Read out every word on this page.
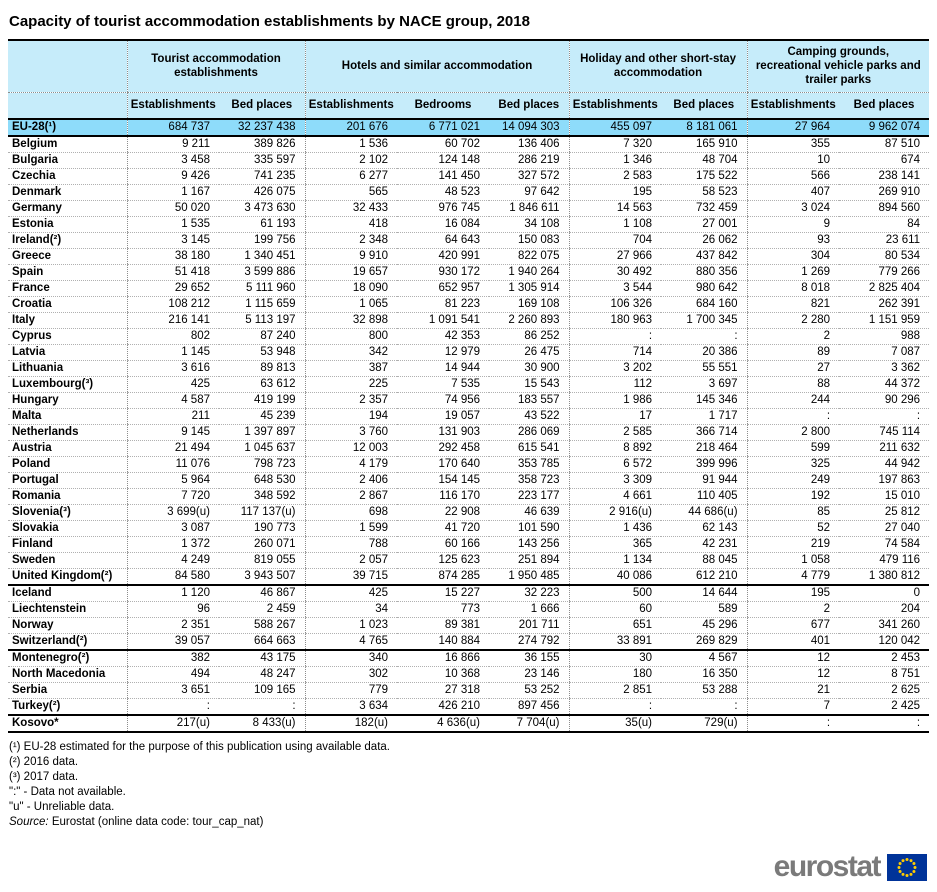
Capacity of tourist accommodation establishments by NACE group, 2018
	Tourist accommodation establishments		Hotels and similar accommodation			Holiday and other short-stay accommodation		Camping grounds, recreational vehicle parks and trailer parks	
	Establishments	Bed places	Establishments	Bedrooms	Bed places	Establishments	Bed places	Establishments	Bed places
EU-28(¹)	684 737	32 237 438	201 676	6 771 021	14 094 303	455 097	8 181 061	27 964	9 962 074
Belgium	9 211	389 826	1 536	60 702	136 406	7 320	165 910	355	87 510
Bulgaria	3 458	335 597	2 102	124 148	286 219	1 346	48 704	10	674
Czechia	9 426	741 235	6 277	141 450	327 572	2 583	175 522	566	238 141
Denmark	1 167	426 075	565	48 523	97 642	195	58 523	407	269 910
Germany	50 020	3 473 630	32 433	976 745	1 846 611	14 563	732 459	3 024	894 560
Estonia	1 535	61 193	418	16 084	34 108	1 108	27 001	9	84
Ireland(²)	3 145	199 756	2 348	64 643	150 083	704	26 062	93	23 611
Greece	38 180	1 340 451	9 910	420 991	822 075	27 966	437 842	304	80 534
Spain	51 418	3 599 886	19 657	930 172	1 940 264	30 492	880 356	1 269	779 266
France	29 652	5 111 960	18 090	652 957	1 305 914	3 544	980 642	8 018	2 825 404
Croatia	108 212	1 115 659	1 065	81 223	169 108	106 326	684 160	821	262 391
Italy	216 141	5 113 197	32 898	1 091 541	2 260 893	180 963	1 700 345	2 280	1 151 959
Cyprus	802	87 240	800	42 353	86 252	:	:	2	988
Latvia	1 145	53 948	342	12 979	26 475	714	20 386	89	7 087
Lithuania	3 616	89 813	387	14 944	30 900	3 202	55 551	27	3 362
Luxembourg(³)	425	63 612	225	7 535	15 543	112	3 697	88	44 372
Hungary	4 587	419 199	2 357	74 956	183 557	1 986	145 346	244	90 296
Malta	211	45 239	194	19 057	43 522	17	1 717	:	:
Netherlands	9 145	1 397 897	3 760	131 903	286 069	2 585	366 714	2 800	745 114
Austria	21 494	1 045 637	12 003	292 458	615 541	8 892	218 464	599	211 632
Poland	11 076	798 723	4 179	170 640	353 785	6 572	399 996	325	44 942
Portugal	5 964	648 530	2 406	154 145	358 723	3 309	91 944	249	197 863
Romania	7 720	348 592	2 867	116 170	223 177	4 661	110 405	192	15 010
Slovenia(³)	3 699(u)	117 137(u)	698	22 908	46 639	2 916(u)	44 686(u)	85	25 812
Slovakia	3 087	190 773	1 599	41 720	101 590	1 436	62 143	52	27 040
Finland	1 372	260 071	788	60 166	143 256	365	42 231	219	74 584
Sweden	4 249	819 055	2 057	125 623	251 894	1 134	88 045	1 058	479 116
United Kingdom(²)	84 580	3 943 507	39 715	874 285	1 950 485	40 086	612 210	4 779	1 380 812
Iceland	1 120	46 867	425	15 227	32 223	500	14 644	195	0
Liechtenstein	96	2 459	34	773	1 666	60	589	2	204
Norway	2 351	588 267	1 023	89 381	201 711	651	45 296	677	341 260
Switzerland(²)	39 057	664 663	4 765	140 884	274 792	33 891	269 829	401	120 042
Montenegro(²)	382	43 175	340	16 866	36 155	30	4 567	12	2 453
North Macedonia	494	48 247	302	10 368	23 146	180	16 350	12	8 751
Serbia	3 651	109 165	779	27 318	53 252	2 851	53 288	21	2 625
Turkey(²)	:	:	3 634	426 210	897 456	:	:	7	2 425
Kosovo*	217(u)	8 433(u)	182(u)	4 636(u)	7 704(u)	35(u)	729(u)	:	:
(¹) EU-28 estimated for the purpose of this publication using available data.
(²) 2016 data.
(³) 2017 data.
":" - Data not available.
"u" - Unreliable data.
Source: Eurostat (online data code: tour_cap_nat)
eurostat
